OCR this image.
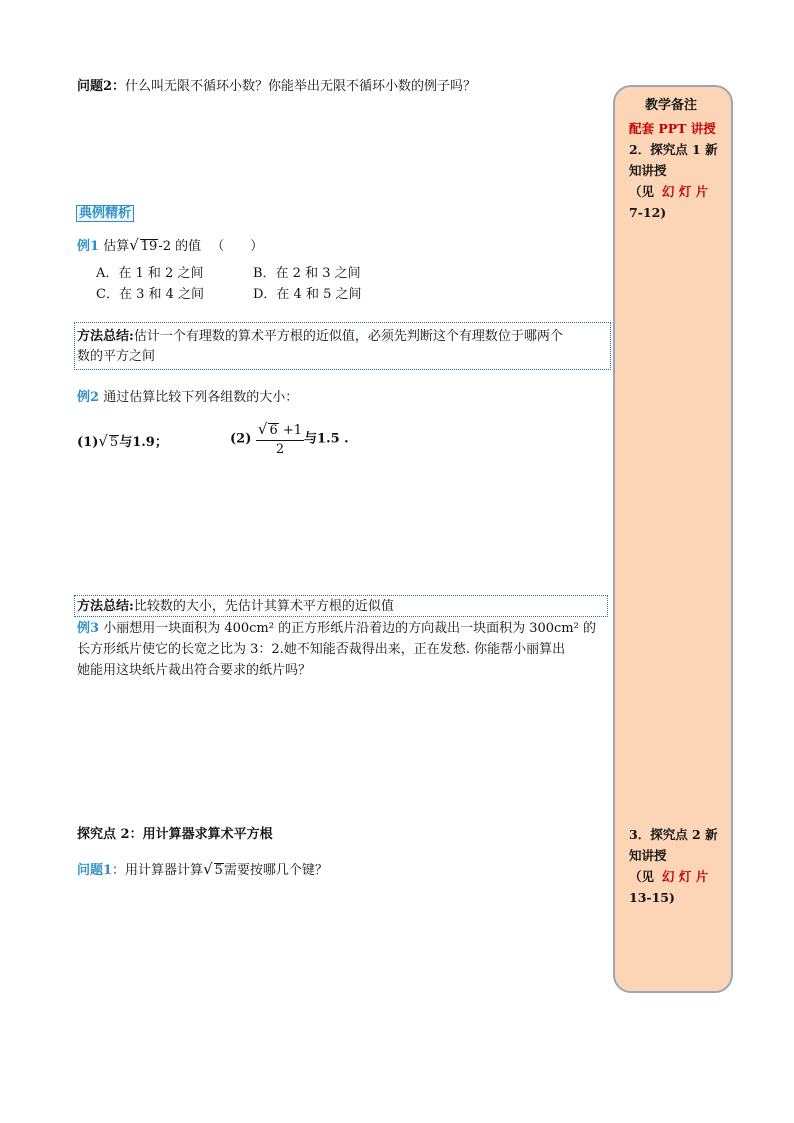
问题2：什么叫无限不循环小数？你能举出无限不循环小数的例子吗？
典例精析
例1 估算√ 19-2 的值 （　　）
A．在 1 和 2 之间	B．在 2 和 3 之间
C．在 3 和 4 之间	D．在 4 和 5 之间
方法总结:估计一个有理数的算术平方根的近似值，必须先判断这个有理数位于哪两个
数的平方之间
例2 通过估算比较下列各组数的大小：
(1)√ 5与1.9；	$(2) \frac{√ 6 +1}{2}$ 与1.5 .
方法总结:比较数的大小，先估计其算术平方根的近似值
例3 小丽想用一块面积为 400cm² 的正方形纸片沿着边的方向裁出一块面积为 300cm² 的
长方形纸片使它的长宽之比为 3：2.她不知能否裁得出来，正在发愁. 你能帮小丽算出
她能用这块纸片裁出符合要求的纸片吗？
探究点 2：用计算器求算术平方根
问题1：用计算器计算√ 5需要按哪几个键？
教学备注
配套 PPT 讲授
2．探究点 1 新
知讲授
（见 幻 灯 片
7-12)
3．探究点 2 新
知讲授
（见 幻 灯 片
13-15)
